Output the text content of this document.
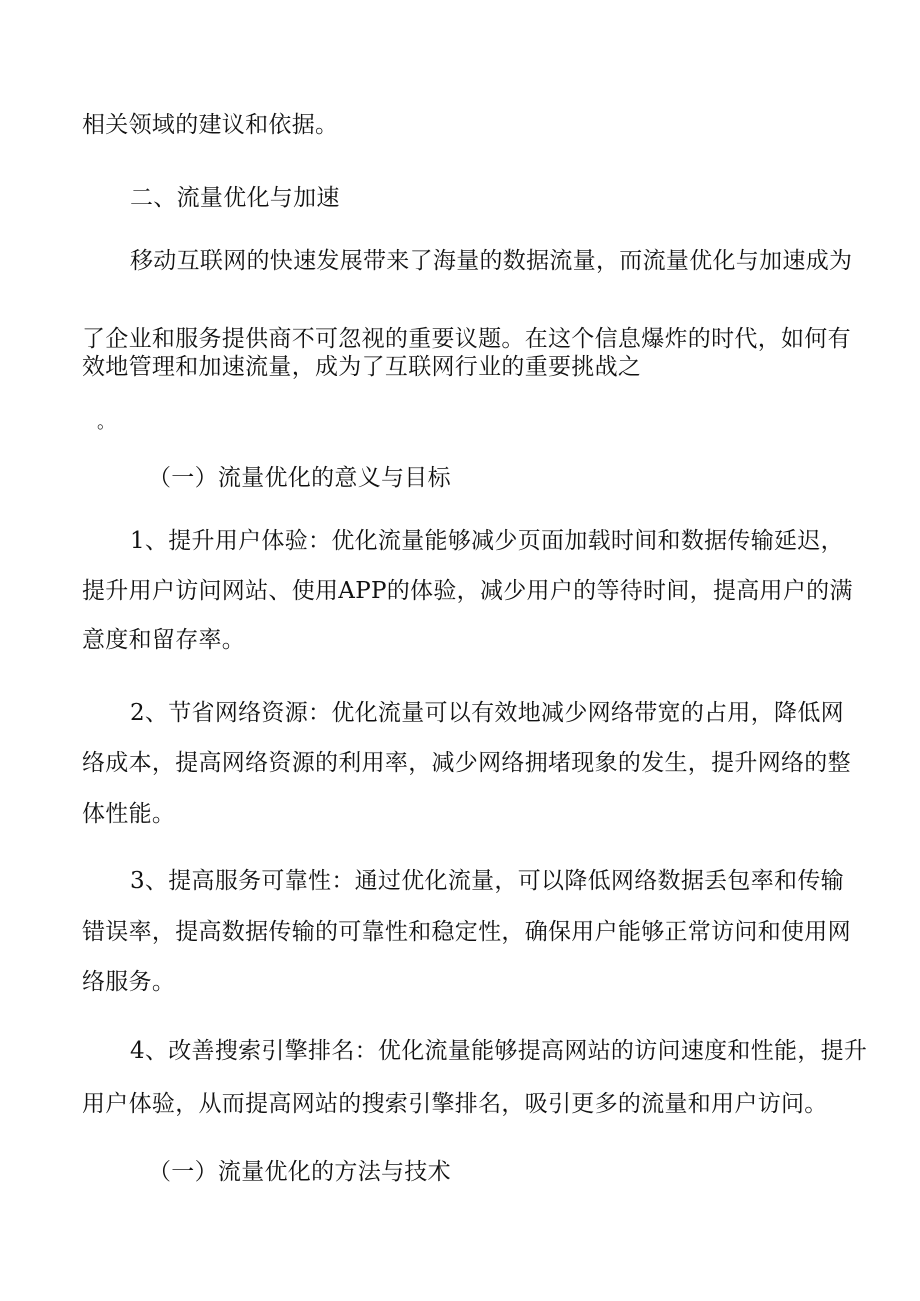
相关领域的建议和依据。
二、流量优化与加速
移动互联网的快速发展带来了海量的数据流量，而流量优化与加速成为
了企业和服务提供商不可忽视的重要议题。在这个信息爆炸的时代，如何有
效地管理和加速流量，成为了互联网行业的重要挑战之
。
（一）流量优化的意义与目标
1、提升用户体验：优化流量能够减少页面加载时间和数据传输延迟，
提升用户访问网站、使用APP的体验，减少用户的等待时间，提高用户的满
意度和留存率。
2、节省网络资源：优化流量可以有效地减少网络带宽的占用，降低网
络成本，提高网络资源的利用率，减少网络拥堵现象的发生，提升网络的整
体性能。
3、提高服务可靠性：通过优化流量，可以降低网络数据丢包率和传输
错误率，提高数据传输的可靠性和稳定性，确保用户能够正常访问和使用网
络服务。
4、改善搜索引擎排名：优化流量能够提高网站的访问速度和性能，提升
用户体验，从而提高网站的搜索引擎排名，吸引更多的流量和用户访问。
（一）流量优化的方法与技术
